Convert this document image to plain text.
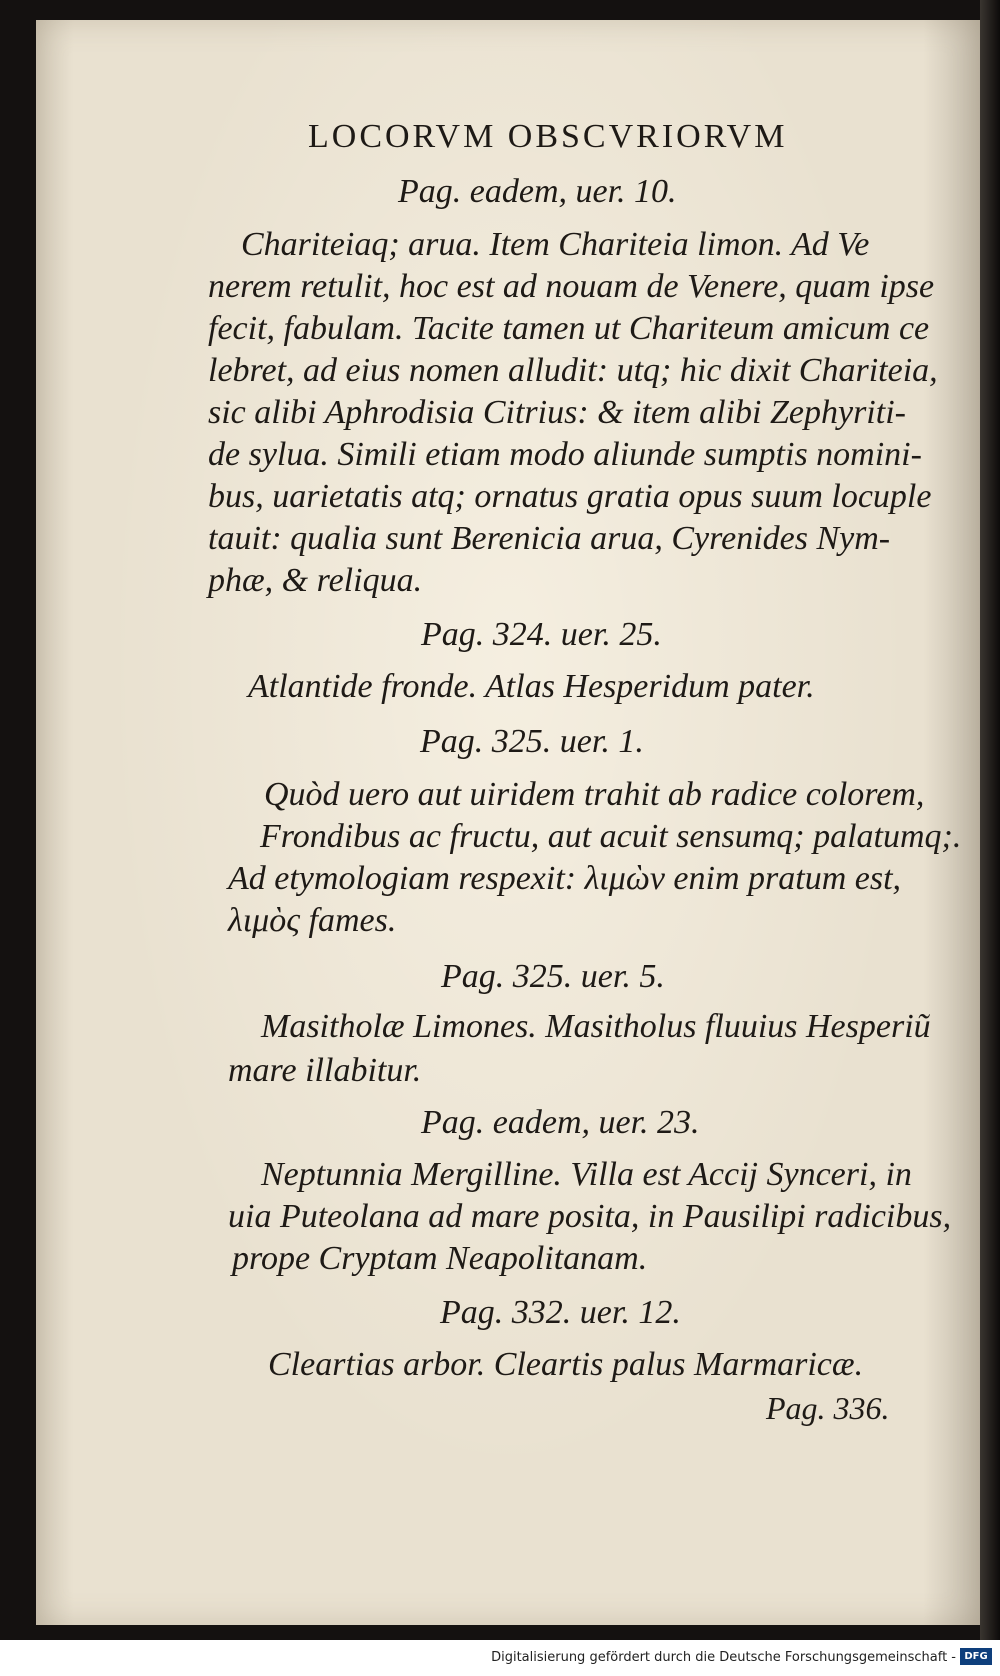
LOCORVM OBSCVRIORVM
Pag. eadem, uer. 10.
Chariteiaq; arua. Item Chariteia limon. Ad Ve
nerem retulit, hoc est ad nouam de Venere, quam ipse
fecit, fabulam. Tacite tamen ut Chariteum amicum ce
lebret, ad eius nomen alludit: utq; hic dixit Chariteia,
sic alibi Aphrodisia Citrius: & item alibi Zephyriti-
de sylua. Simili etiam modo aliunde sumptis nomini-
bus, uarietatis atq; ornatus gratia opus suum locuple
tauit: qualia sunt Berenicia arua, Cyrenides Nym-
phæ, & reliqua.
Pag. 324. uer. 25.
Atlantide fronde. Atlas Hesperidum pater.
Pag. 325. uer. 1.
Quòd uero aut uiridem trahit ab radice colorem,
Frondibus ac fructu, aut acuit sensumq; palatumq;.
Ad etymologiam respexit: λιμὼν enim pratum est,
λιμὸς fames.
Pag. 325. uer. 5.
Masitholæ Limones. Masitholus fluuius Hesperiũ
mare illabitur.
Pag. eadem, uer. 23.
Neptunnia Mergilline. Villa est Accij Synceri, in
uia Puteolana ad mare posita, in Pausilipi radicibus,
prope Cryptam Neapolitanam.
Pag. 332. uer. 12.
Cleartias arbor. Cleartis palus Marmaricæ.
Pag. 336.
Digitalisierung gefördert durch die Deutsche Forschungsgemeinschaft - DFG
